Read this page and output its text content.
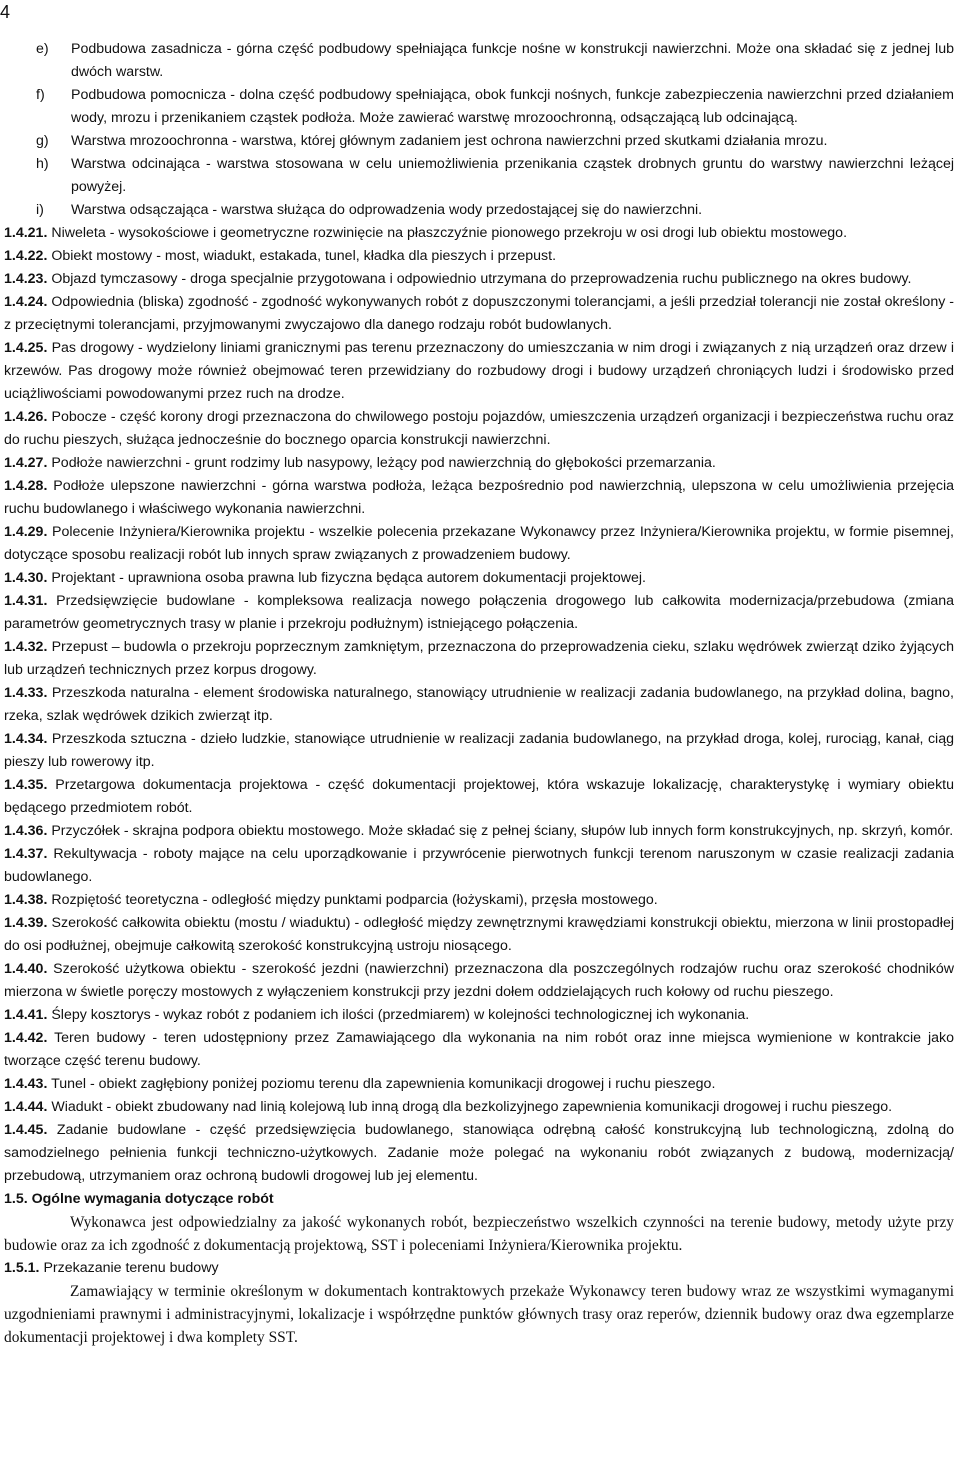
4
e) Podbudowa zasadnicza - górna część podbudowy spełniająca funkcje nośne w konstrukcji nawierzchni. Może ona składać się z jednej lub dwóch warstw.
f) Podbudowa pomocnicza - dolna część podbudowy spełniająca, obok funkcji nośnych, funkcje zabezpieczenia nawierzchni przed działaniem wody, mrozu i przenikaniem cząstek podłoża. Może zawierać warstwę mrozoochronną, odsączającą lub odcinającą.
g) Warstwa mrozoochronna - warstwa, której głównym zadaniem jest ochrona nawierzchni przed skutkami działania mrozu.
h) Warstwa odcinająca - warstwa stosowana w celu uniemożliwienia przenikania cząstek drobnych gruntu do warstwy nawierzchni leżącej powyżej.
i) Warstwa odsączająca - warstwa służąca do odprowadzenia wody przedostającej się do nawierzchni.

1.4.21. Niweleta - wysokościowe i geometryczne rozwinięcie na płaszczyźnie pionowego przekroju w osi drogi lub obiektu mostowego.

1.4.22. Obiekt mostowy - most, wiadukt, estakada, tunel, kładka dla pieszych i przepust.

1.4.23. Objazd tymczasowy - droga specjalnie przygotowana i odpowiednio utrzymana do przeprowadzenia ruchu publicznego na okres budowy.

1.4.24. Odpowiednia (bliska) zgodność - zgodność wykonywanych robót z dopuszczonymi tolerancjami, a jeśli przedział tolerancji nie został określony - z przeciętnymi tolerancjami, przyjmowanymi zwyczajowo dla danego rodzaju robót budowlanych.

1.4.25. Pas drogowy - wydzielony liniami granicznymi pas terenu przeznaczony do umieszczania w nim drogi i związanych z nią urządzeń oraz drzew i krzewów. Pas drogowy może również obejmować teren przewidziany do rozbudowy drogi i budowy urządzeń chroniących ludzi i środowisko przed uciążliwościami powodowanymi przez ruch na drodze.

1.4.26. Pobocze - część korony drogi przeznaczona do chwilowego postoju pojazdów, umieszczenia urządzeń organizacji i bezpieczeństwa ruchu oraz do ruchu pieszych, służąca jednocześnie do bocznego oparcia konstrukcji nawierzchni.

1.4.27. Podłoże nawierzchni - grunt rodzimy lub nasypowy, leżący pod nawierzchnią do głębokości przemarzania.

1.4.28. Podłoże ulepszone nawierzchni - górna warstwa podłoża, leżąca bezpośrednio pod nawierzchnią, ulepszona w celu umożliwienia przejęcia ruchu budowlanego i właściwego wykonania nawierzchni.

1.4.29. Polecenie Inżyniera/Kierownika projektu - wszelkie polecenia przekazane Wykonawcy przez Inżyniera/Kierownika projektu, w formie pisemnej, dotyczące sposobu realizacji robót lub innych spraw związanych z prowadzeniem budowy.

1.4.30. Projektant - uprawniona osoba prawna lub fizyczna będąca autorem dokumentacji projektowej.

1.4.31. Przedsięwzięcie budowlane - kompleksowa realizacja nowego połączenia drogowego lub całkowita modernizacja/przebudowa (zmiana parametrów geometrycznych trasy w planie i przekroju podłużnym) istniejącego połączenia.

1.4.32. Przepust – budowla o przekroju poprzecznym zamkniętym, przeznaczona do przeprowadzenia cieku, szlaku wędrówek zwierząt dziko żyjących lub urządzeń technicznych przez korpus drogowy.

1.4.33. Przeszkoda naturalna - element środowiska naturalnego, stanowiący utrudnienie w realizacji zadania budowlanego, na przykład dolina, bagno, rzeka, szlak wędrówek dzikich zwierząt itp.

1.4.34. Przeszkoda sztuczna - dzieło ludzkie, stanowiące utrudnienie w realizacji zadania budowlanego, na przykład droga, kolej, rurociąg, kanał, ciąg pieszy lub rowerowy itp.

1.4.35. Przetargowa dokumentacja projektowa - część dokumentacji projektowej, która wskazuje lokalizację, charakterystykę i wymiary obiektu będącego przedmiotem robót.

1.4.36. Przyczółek - skrajna podpora obiektu mostowego. Może składać się z pełnej ściany, słupów lub innych form konstrukcyjnych, np. skrzyń, komór.

1.4.37. Rekultywacja - roboty mające na celu uporządkowanie i przywrócenie pierwotnych funkcji terenom naruszonym w czasie realizacji zadania budowlanego.

1.4.38. Rozpiętość teoretyczna - odległość między punktami podparcia (łożyskami), przęsła mostowego.

1.4.39. Szerokość całkowita obiektu (mostu / wiaduktu) - odległość między zewnętrznymi krawędziami konstrukcji obiektu, mierzona w linii prostopadłej do osi podłużnej, obejmuje całkowitą szerokość konstrukcyjną ustroju niosącego.

1.4.40. Szerokość użytkowa obiektu - szerokość jezdni (nawierzchni) przeznaczona dla poszczególnych rodzajów ruchu oraz szerokość chodników mierzona w świetle poręczy mostowych z wyłączeniem konstrukcji przy jezdni dołem oddzielających ruch kołowy od ruchu pieszego.

1.4.41. Ślepy kosztorys - wykaz robót z podaniem ich ilości (przedmiarem) w kolejności technologicznej ich wykonania.

1.4.42. Teren budowy - teren udostępniony przez Zamawiającego dla wykonania na nim robót oraz inne miejsca wymienione w kontrakcie jako tworzące część terenu budowy.

1.4.43. Tunel - obiekt zagłębiony poniżej poziomu terenu dla zapewnienia komunikacji drogowej i ruchu pieszego.

1.4.44. Wiadukt - obiekt zbudowany nad linią kolejową lub inną drogą dla bezkolizyjnego zapewnienia komunikacji drogowej i ruchu pieszego.

1.4.45. Zadanie budowlane - część przedsięwzięcia budowlanego, stanowiąca odrębną całość konstrukcyjną lub technologiczną, zdolną do samodzielnego pełnienia funkcji techniczno-użytkowych. Zadanie może polegać na wykonaniu robót związanych z budową, modernizacją/ przebudową, utrzymaniem oraz ochroną budowli drogowej lub jej elementu.

1.5. Ogólne wymagania dotyczące robót

Wykonawca jest odpowiedzialny za jakość wykonanych robót, bezpieczeństwo wszelkich czynności na terenie budowy, metody użyte przy budowie oraz za ich zgodność z dokumentacją projektową, SST i poleceniami Inżyniera/Kierownika projektu.

1.5.1. Przekazanie terenu budowy

Zamawiający w terminie określonym w dokumentach kontraktowych przekaże Wykonawcy teren budowy wraz ze wszystkimi wymaganymi uzgodnieniami prawnymi i administracyjnymi, lokalizacje i współrzędne punktów głównych trasy oraz reperów, dziennik budowy oraz dwa egzemplarze dokumentacji projektowej i dwa komplety SST.
